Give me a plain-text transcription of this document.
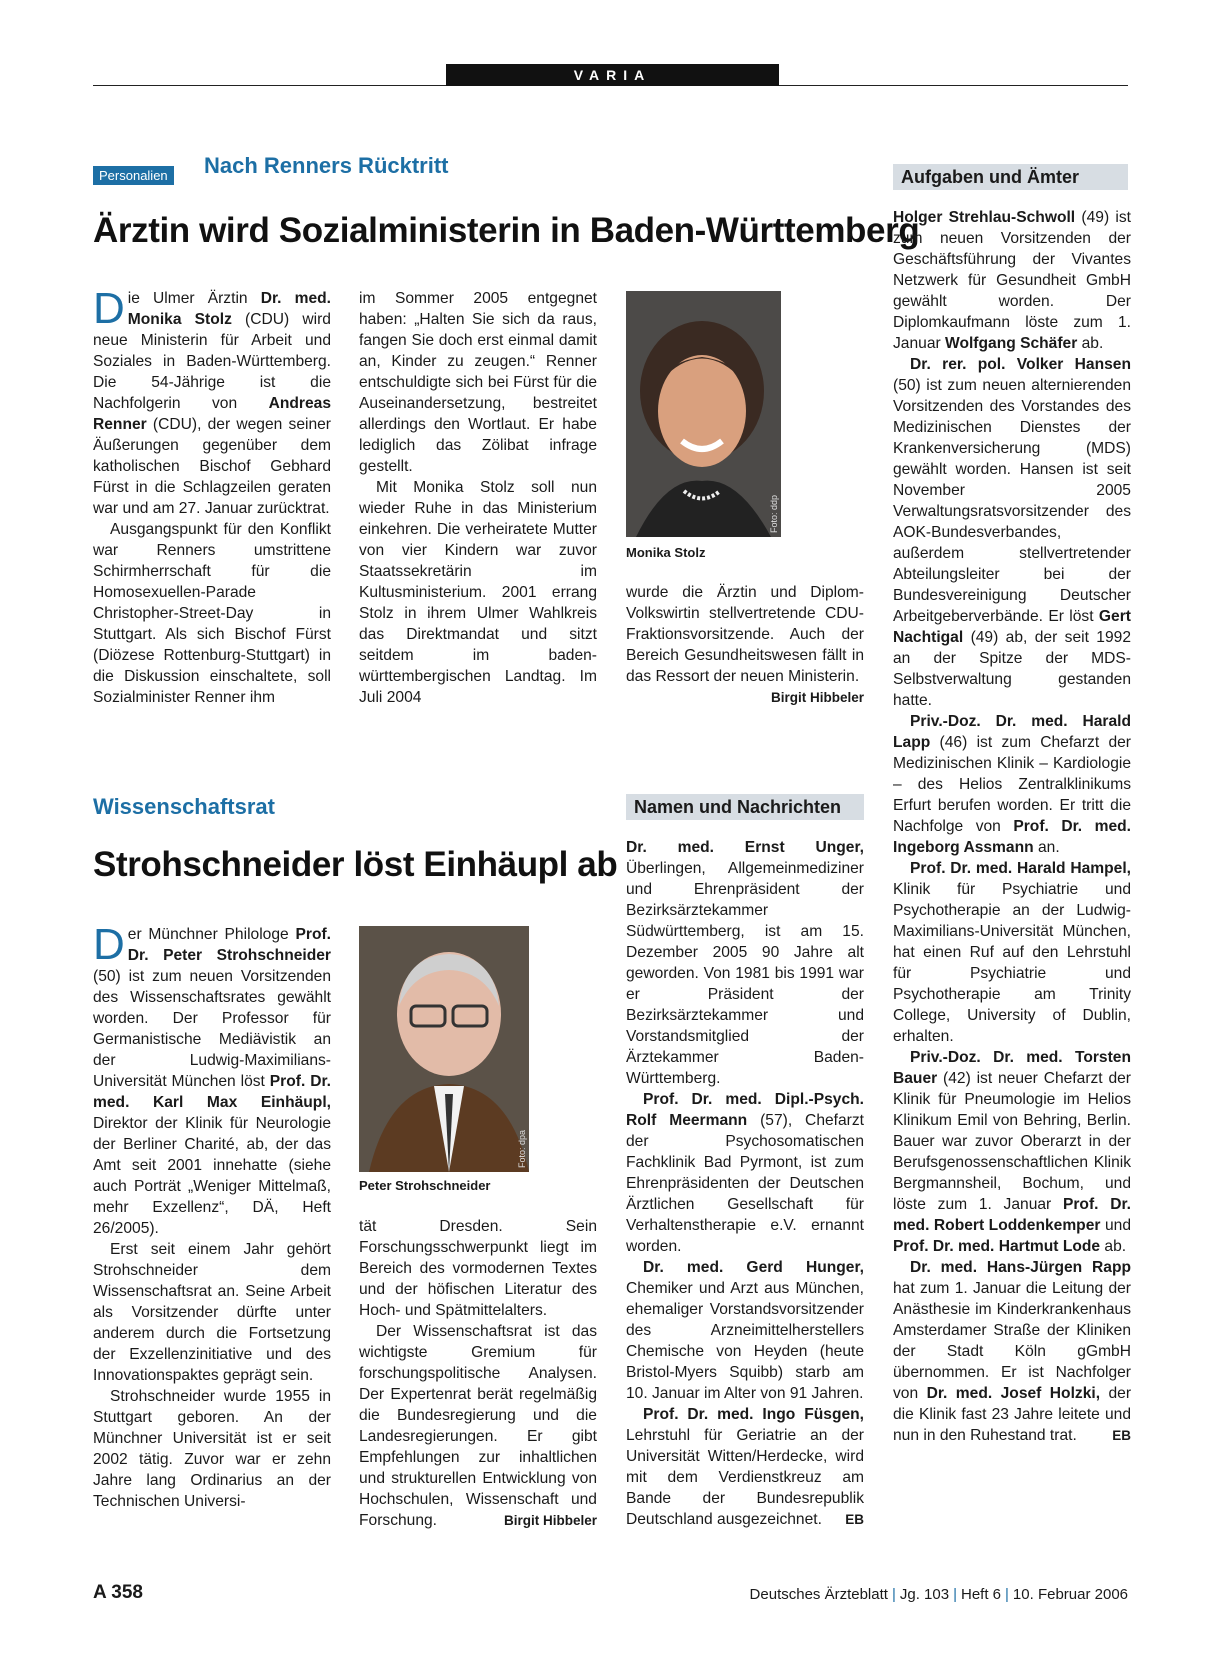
VARIA
Personalien Nach Renners Rücktritt
Ärztin wird Sozialministerin in Baden-Württemberg

Die Ulmer Ärztin Dr. med. Monika Stolz (CDU) wird neue Ministerin für Arbeit und Soziales in Baden-Württemberg. Die 54-Jährige ist die Nachfolgerin von Andreas Renner (CDU), der wegen seiner Äußerungen gegenüber dem katholischen Bischof Gebhard Fürst in die Schlagzeilen geraten war und am 27. Januar zurücktrat.

Ausgangspunkt für den Konflikt war Renners umstrittene Schirmherrschaft für die Homosexuellen-Parade Christopher-Street-Day in Stuttgart. Als sich Bischof Fürst (Diözese Rottenburg-Stuttgart) in die Diskussion einschaltete, soll Sozialminister Renner ihm

im Sommer 2005 entgegnet haben: „Halten Sie sich da raus, fangen Sie doch erst einmal damit an, Kinder zu zeugen.“ Renner entschuldigte sich bei Fürst für die Auseinandersetzung, bestreitet allerdings den Wortlaut. Er habe lediglich das Zölibat infrage gestellt.

Mit Monika Stolz soll nun wieder Ruhe in das Ministerium einkehren. Die verheiratete Mutter von vier Kindern war zuvor Staatssekretärin im Kultusministerium. 2001 errang Stolz in ihrem Ulmer Wahlkreis das Direktmandat und sitzt seitdem im baden-württembergischen Landtag. Im Juli 2004

Foto: ddp
Monika Stolz

wurde die Ärztin und Diplom-Volkswirtin stellvertretende CDU-Fraktionsvorsitzende. Auch der Bereich Gesundheitswesen fällt in das Ressort der neuen Ministerin.
Birgit Hibbeler

Wissenschaftsrat
Strohschneider löst Einhäupl ab

Der Münchner Philologe Prof. Dr. Peter Strohschneider (50) ist zum neuen Vorsitzenden des Wissenschaftsrates gewählt worden. Der Professor für Germanistische Mediävistik an der Ludwig-Maximilians-Universität München löst Prof. Dr. med. Karl Max Einhäupl, Direktor der Klinik für Neurologie der Berliner Charité, ab, der das Amt seit 2001 innehatte (siehe auch Porträt „Weniger Mittelmaß, mehr Exzellenz“, DÄ, Heft 26/2005).

Erst seit einem Jahr gehört Strohschneider dem Wissenschaftsrat an. Seine Arbeit als Vorsitzender dürfte unter anderem durch die Fortsetzung der Exzellenzinitiative und des Innovationspaktes geprägt sein.

Strohschneider wurde 1955 in Stuttgart geboren. An der Münchner Universität ist er seit 2002 tätig. Zuvor war er zehn Jahre lang Ordinarius an der Technischen Universi-

Foto: dpa
Peter Strohschneider

tät Dresden. Sein Forschungsschwerpunkt liegt im Bereich des vormodernen Textes und der höfischen Literatur des Hoch- und Spätmittelalters.

Der Wissenschaftsrat ist das wichtigste Gremium für forschungspolitische Analysen. Der Expertenrat berät regelmäßig die Bundesregierung und die Landesregierungen. Er gibt Empfehlungen zur inhaltlichen und strukturellen Entwicklung von Hochschulen, Wissenschaft und Forschung.	Birgit Hibbeler

Namen und Nachrichten

Dr. med. Ernst Unger, Überlingen, Allgemeinmediziner und Ehrenpräsident der Bezirksärztekammer Südwürttemberg, ist am 15. Dezember 2005 90 Jahre alt geworden. Von 1981 bis 1991 war er Präsident der Bezirksärztekammer und Vorstandsmitglied der Ärztekammer Baden-Württemberg.

Prof. Dr. med. Dipl.-Psych. Rolf Meermann (57), Chefarzt der Psychosomatischen Fachklinik Bad Pyrmont, ist zum Ehrenpräsidenten der Deutschen Ärztlichen Gesellschaft für Verhaltenstherapie e.V. ernannt worden.

Dr. med. Gerd Hunger, Chemiker und Arzt aus München, ehemaliger Vorstandsvorsitzender des Arzneimittelherstellers Chemische von Heyden (heute Bristol-Myers Squibb) starb am 10. Januar im Alter von 91 Jahren.

Prof. Dr. med. Ingo Füsgen, Lehrstuhl für Geriatrie an der Universität Witten/Herdecke, wird mit dem Verdienstkreuz am Bande der Bundesrepublik Deutschland ausgezeichnet.	EB

Aufgaben und Ämter

Holger Strehlau-Schwoll (49) ist zum neuen Vorsitzenden der Geschäftsführung der Vivantes Netzwerk für Gesundheit GmbH gewählt worden. Der Diplomkaufmann löste zum 1. Januar Wolfgang Schäfer ab.

Dr. rer. pol. Volker Hansen (50) ist zum neuen alternierenden Vorsitzenden des Vorstandes des Medizinischen Dienstes der Krankenversicherung (MDS) gewählt worden. Hansen ist seit November 2005 Verwaltungsratsvorsitzender des AOK-Bundesverbandes, außerdem stellvertretender Abteilungsleiter bei der Bundesvereinigung Deutscher Arbeitgeberverbände. Er löst Gert Nachtigal (49) ab, der seit 1992 an der Spitze der MDS-Selbstverwaltung gestanden hatte.

Priv.-Doz. Dr. med. Harald Lapp (46) ist zum Chefarzt der Medizinischen Klinik – Kardiologie – des Helios Zentralklinikums Erfurt berufen worden. Er tritt die Nachfolge von Prof. Dr. med. Ingeborg Assmann an.

Prof. Dr. med. Harald Hampel, Klinik für Psychiatrie und Psychotherapie an der Ludwig-Maximilians-Universität München, hat einen Ruf auf den Lehrstuhl für Psychiatrie und Psychotherapie am Trinity College, University of Dublin, erhalten.

Priv.-Doz. Dr. med. Torsten Bauer (42) ist neuer Chefarzt der Klinik für Pneumologie im Helios Klinikum Emil von Behring, Berlin. Bauer war zuvor Oberarzt in der Berufsgenossenschaftlichen Klinik Bergmannsheil, Bochum, und löste zum 1. Januar Prof. Dr. med. Robert Loddenkemper und Prof. Dr. med. Hartmut Lode ab.

Dr. med. Hans-Jürgen Rapp hat zum 1. Januar die Leitung der Anästhesie im Kinderkrankenhaus Amsterdamer Straße der Kliniken der Stadt Köln gGmbH übernommen. Er ist Nachfolger von Dr. med. Josef Holzki, der die Klinik fast 23 Jahre leitete und nun in den Ruhestand trat.	EB

A 358	Deutsches Ärzteblatt | Jg. 103 | Heft 6 | 10. Februar 2006
